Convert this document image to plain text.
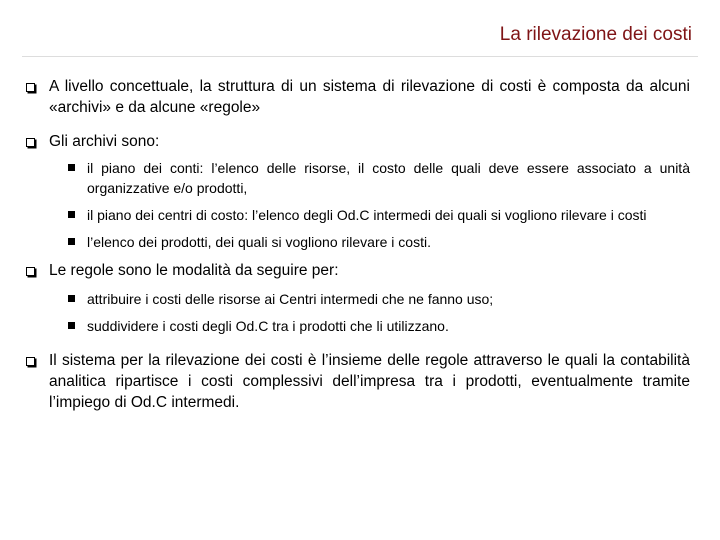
La rilevazione dei costi
A livello concettuale, la struttura di un sistema di rilevazione di costi è composta da alcuni «archivi» e da alcune «regole»
Gli archivi sono:
il piano dei conti: l’elenco delle risorse, il costo delle quali deve essere associato a unità organizzative e/o prodotti,
il piano dei centri di costo: l’elenco degli Od.C intermedi dei quali si vogliono rilevare i costi
l’elenco dei prodotti, dei quali si vogliono rilevare i costi.
Le regole sono le modalità da seguire per:
attribuire i costi delle risorse ai Centri intermedi che ne fanno uso;
suddividere i costi degli Od.C tra i prodotti che li utilizzano.
Il sistema per la rilevazione dei costi è l’insieme delle regole attraverso le quali la contabilità analitica ripartisce i costi complessivi dell’impresa tra i prodotti, eventualmente tramite l’impiego di Od.C intermedi.
